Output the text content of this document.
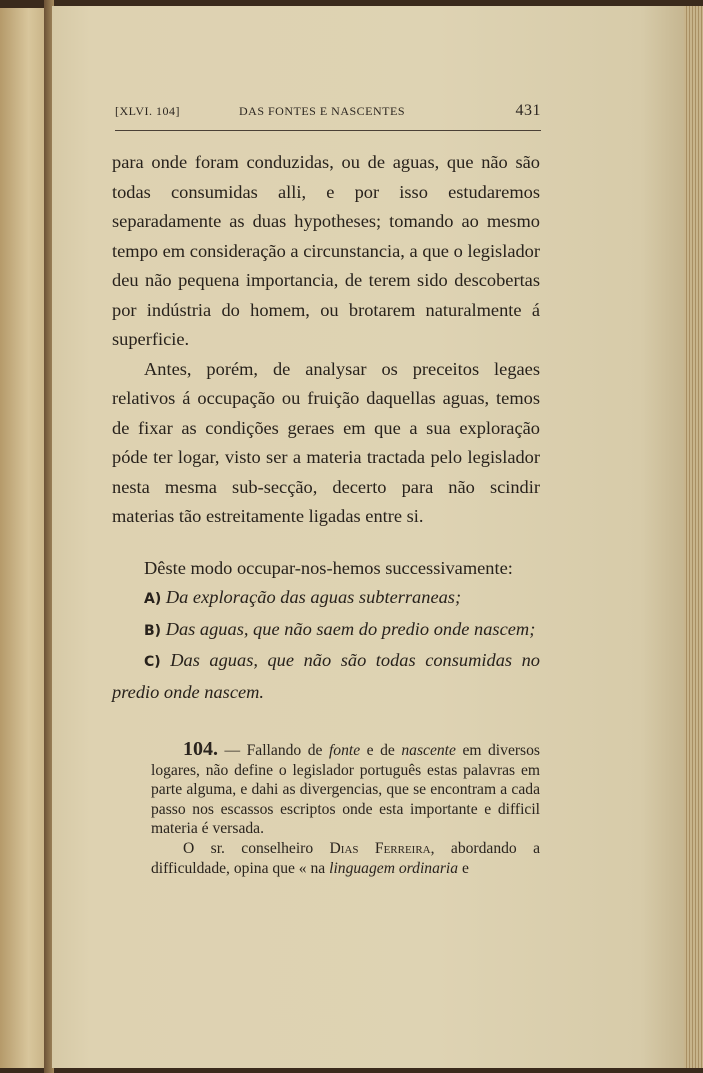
[XLVI. 104]	DAS FONTES E NASCENTES	431

para onde foram conduzidas, ou de aguas, que não são todas consumidas alli, e por isso estudaremos separadamente as duas hypotheses; tomando ao mesmo tempo em consideração a circunstancia, a que o legislador deu não pequena importancia, de terem sido descobertas por indústria do homem, ou brotarem naturalmente á superficie.

Antes, porém, de analysar os preceitos legaes relativos á occupação ou fruição daquellas aguas, temos de fixar as condições geraes em que a sua exploração póde ter logar, visto ser a materia tractada pelo legislador nesta mesma sub-secção, decerto para não scindir materias tão estreitamente ligadas entre si.

Dêste modo occupar-nos-hemos successivamente:

A) Da exploração das aguas subterraneas;

B) Das aguas, que não saem do predio onde nascem;

C) Das aguas, que não são todas consumidas no predio onde nascem.

104. — Fallando de fonte e de nascente em diversos logares, não define o legislador português estas palavras em parte alguma, e dahi as divergencias, que se encontram a cada passo nos escassos escriptos onde esta importante e difficil materia é versada.

O sr. conselheiro Dias Ferreira, abordando a difficuldade, opina que « na linguagem ordinaria e
